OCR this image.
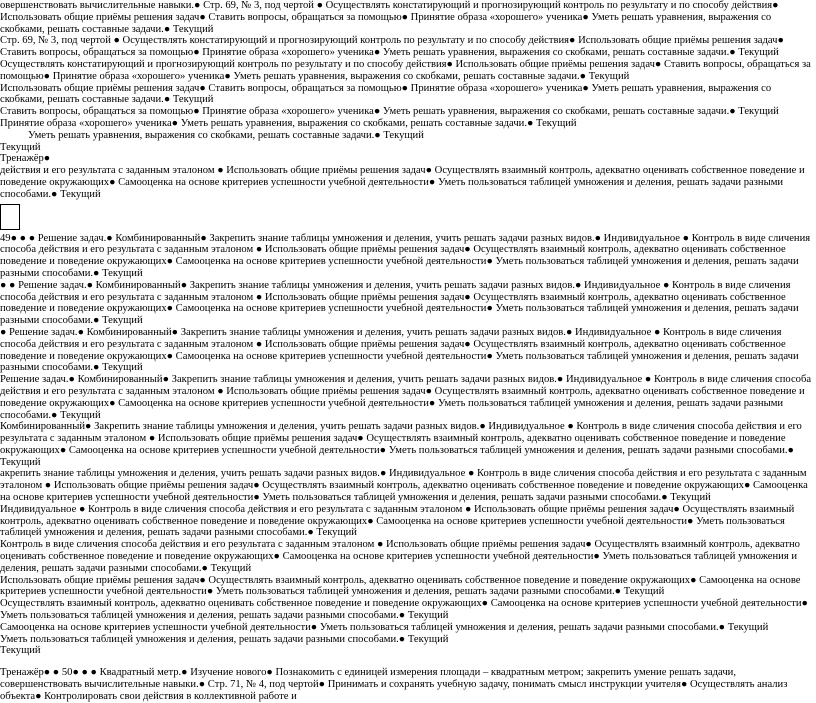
овершенствовать вычислительные навыки.● Стр. 69, № 3, под чертой ● Осуществлять констатирующий и прогнозирующий контроль по результату и по способу действия● Использовать общие приёмы решения задач● Ставить вопросы, обращаться за помощью● Принятие образа «хорошего» ученика● Уметь решать уравнения, выражения со скобками, решать составные задачи.● Текущий

Стр. 69, № 3, под чертой ● Осуществлять констатирующий и прогнозирующий контроль по результату и по способу действия● Использовать общие приёмы решения задач● Ставить вопросы, обращаться за помощью● Принятие образа «хорошего» ученика● Уметь решать уравнения, выражения со скобками, решать составные задачи.● Текущий

Осуществлять констатирующий и прогнозирующий контроль по результату и по способу действия● Использовать общие приёмы решения задач● Ставить вопросы, обращаться за помощью● Принятие образа «хорошего» ученика● Уметь решать уравнения, выражения со скобками, решать составные задачи.● Текущий

Использовать общие приёмы решения задач● Ставить вопросы, обращаться за помощью● Принятие образа «хорошего» ученика● Уметь решать уравнения, выражения со скобками, решать составные задачи.● Текущий

Ставить вопросы, обращаться за помощью● Принятие образа «хорошего» ученика● Уметь решать уравнения, выражения со скобками, решать составные задачи.● Текущий

Принятие образа «хорошего» ученика● Уметь решать уравнения, выражения со скобками, решать составные задачи.● Текущий

Уметь решать уравнения, выражения со скобками, решать составные задачи.● Текущий

Текущий

Тренажёр●

действия и его результата с заданным эталоном ● Использовать общие приёмы решения задач● Осуществлять взаимный контроль, адекватно оценивать собственное поведение и поведение окружающих● Самооценка на основе критериев успешности учебной деятельности● Уметь пользоваться таблицей умножения и деления, решать задачи разными способами.● Текущий

49● ● ● Решение задач.● Комбинированный● Закрепить знание таблицы умножения и деления, учить решать задачи разных видов.● Индивидуальное ● Контроль в виде сличения способа действия и его результата с заданным эталоном ● Использовать общие приёмы решения задач● Осуществлять взаимный контроль, адекватно оценивать собственное поведение и поведение окружающих● Самооценка на основе критериев успешности учебной деятельности● Уметь пользоваться таблицей умножения и деления, решать задачи разными способами.● Текущий

● ● Решение задач.● Комбинированный● Закрепить знание таблицы умножения и деления, учить решать задачи разных видов.● Индивидуальное ● Контроль в виде сличения способа действия и его результата с заданным эталоном ● Использовать общие приёмы решения задач● Осуществлять взаимный контроль, адекватно оценивать собственное поведение и поведение окружающих● Самооценка на основе критериев успешности учебной деятельности● Уметь пользоваться таблицей умножения и деления, решать задачи разными способами.● Текущий

● Решение задач.● Комбинированный● Закрепить знание таблицы умножения и деления, учить решать задачи разных видов.● Индивидуальное ● Контроль в виде сличения способа действия и его результата с заданным эталоном ● Использовать общие приёмы решения задач● Осуществлять взаимный контроль, адекватно оценивать собственное поведение и поведение окружающих● Самооценка на основе критериев успешности учебной деятельности● Уметь пользоваться таблицей умножения и деления, решать задачи разными способами.● Текущий

Решение задач.● Комбинированный● Закрепить знание таблицы умножения и деления, учить решать задачи разных видов.● Индивидуальное ● Контроль в виде сличения способа действия и его результата с заданным эталоном ● Использовать общие приёмы решения задач● Осуществлять взаимный контроль, адекватно оценивать собственное поведение и поведение окружающих● Самооценка на основе критериев успешности учебной деятельности● Уметь пользоваться таблицей умножения и деления, решать задачи разными способами.● Текущий

Комбинированный● Закрепить знание таблицы умножения и деления, учить решать задачи разных видов.● Индивидуальное ● Контроль в виде сличения способа действия и его результата с заданным эталоном ● Использовать общие приёмы решения задач● Осуществлять взаимный контроль, адекватно оценивать собственное поведение и поведение окружающих● Самооценка на основе критериев успешности учебной деятельности● Уметь пользоваться таблицей умножения и деления, решать задачи разными способами.● Текущий

акрепить знание таблицы умножения и деления, учить решать задачи разных видов.● Индивидуальное ● Контроль в виде сличения способа действия и его результата с заданным эталоном ● Использовать общие приёмы решения задач● Осуществлять взаимный контроль, адекватно оценивать собственное поведение и поведение окружающих● Самооценка на основе критериев успешности учебной деятельности● Уметь пользоваться таблицей умножения и деления, решать задачи разными способами.● Текущий

Индивидуальное ● Контроль в виде сличения способа действия и его результата с заданным эталоном ● Использовать общие приёмы решения задач● Осуществлять взаимный контроль, адекватно оценивать собственное поведение и поведение окружающих● Самооценка на основе критериев успешности учебной деятельности● Уметь пользоваться таблицей умножения и деления, решать задачи разными способами.● Текущий

Контроль в виде сличения способа действия и его результата с заданным эталоном ● Использовать общие приёмы решения задач● Осуществлять взаимный контроль, адекватно оценивать собственное поведение и поведение окружающих● Самооценка на основе критериев успешности учебной деятельности● Уметь пользоваться таблицей умножения и деления, решать задачи разными способами.● Текущий

Использовать общие приёмы решения задач● Осуществлять взаимный контроль, адекватно оценивать собственное поведение и поведение окружающих● Самооценка на основе критериев успешности учебной деятельности● Уметь пользоваться таблицей умножения и деления, решать задачи разными способами.● Текущий

Осуществлять взаимный контроль, адекватно оценивать собственное поведение и поведение окружающих● Самооценка на основе критериев успешности учебной деятельности● Уметь пользоваться таблицей умножения и деления, решать задачи разными способами.● Текущий

Самооценка на основе критериев успешности учебной деятельности● Уметь пользоваться таблицей умножения и деления, решать задачи разными способами.● Текущий

Уметь пользоваться таблицей умножения и деления, решать задачи разными способами.● Текущий

Текущий

Тренажёр● ● 50● ● ● Квадратный метр.● Изучение нового● Познакомить с единицей измерения площади – квадратным метром; закрепить умение решать задачи, совершенствовать вычислительные навыки.● Стр. 71, № 4, под чертой● Принимать и сохранять учебную задачу, понимать смысл инструкции учителя● Осуществлять анализ объекта● Контролировать свои действия в коллективной работе и
